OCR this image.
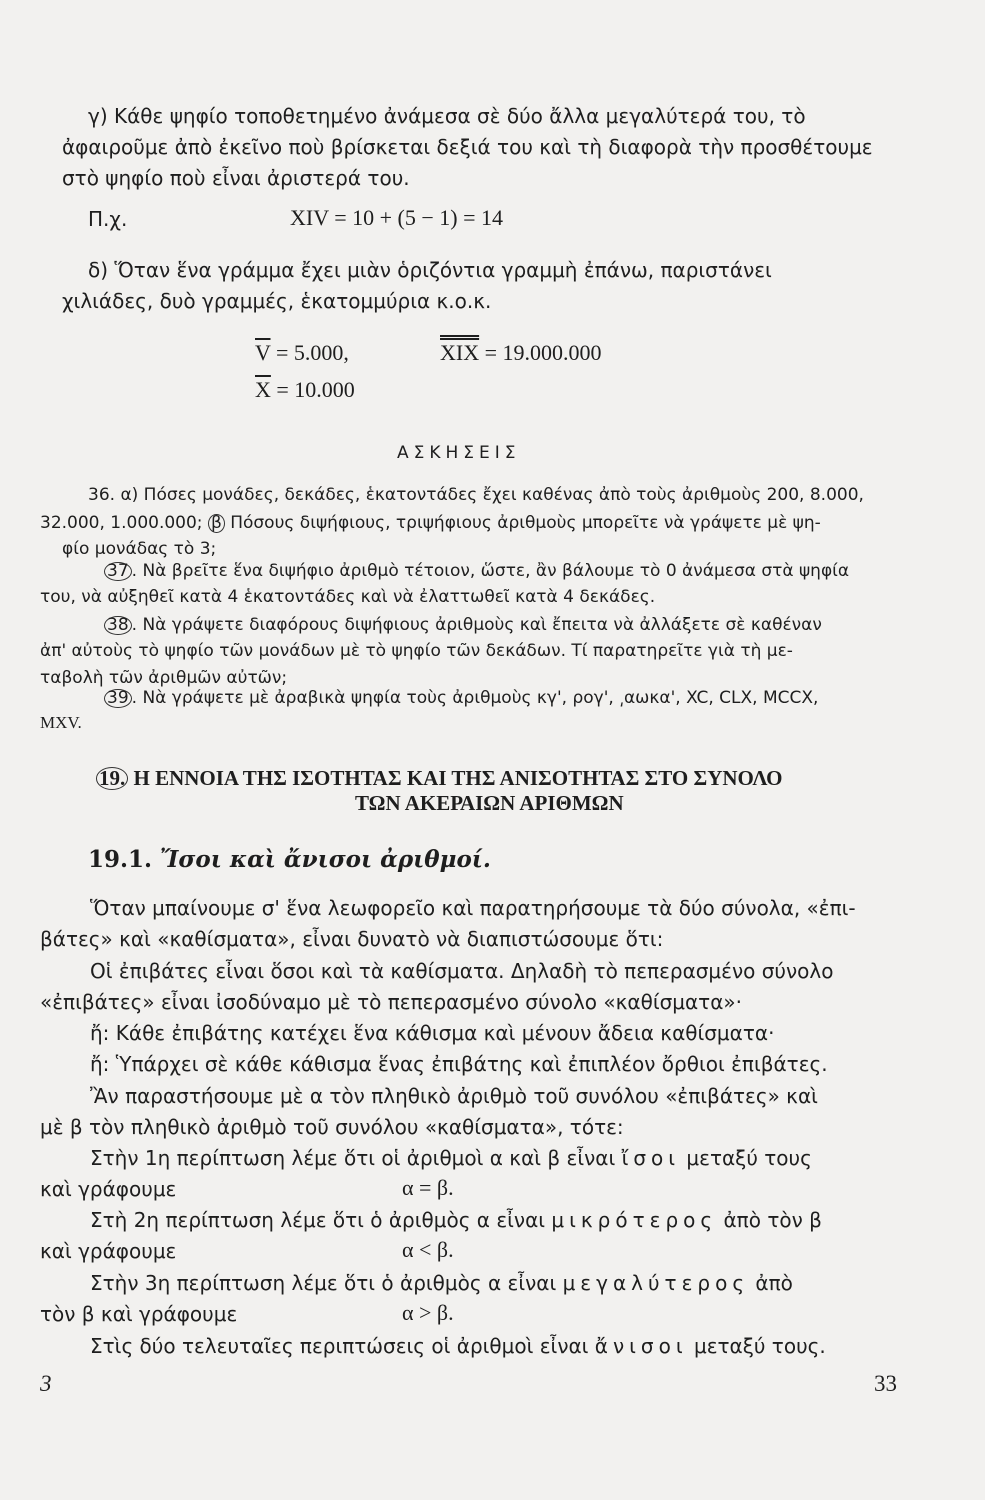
γ) Κάθε ψηφίο τοποθετημένο ἀνάμεσα σὲ δύο ἄλλα μεγαλύτερά του, τὸ
ἀφαιροῦμε ἀπὸ ἐκεῖνο ποὺ βρίσκεται δεξιά του καὶ τὴ διαφορὰ τὴν προσθέτουμε
στὸ ψηφίο ποὺ εἶναι ἀριστερά του.
Π.χ.	XIV = 10 + (5 − 1) = 14
δ) Ὅταν ἕνα γράμμα ἔχει μιὰν ὁριζόντια γραμμὴ ἐπάνω, παριστάνει
χιλιάδες, δυὸ γραμμές, ἑκατομμύρια κ.ο.κ.
$\overline{V} = 5.000$,	XIX = 19.000.000
$\overline{X} = 10.000$
ΑΣΚΗΣΕΙΣ
36. α) Πόσες μονάδες, δεκάδες, ἑκατοντάδες ἔχει καθένας ἀπὸ τοὺς ἀριθμοὺς 200, 8.000,
32.000, 1.000.000; β Πόσους διψήφιους, τριψήφιους ἀριθμοὺς μπορεῖτε νὰ γράψετε μὲ ψη-
φίο μονάδας τὸ 3;
37 . Νὰ βρεῖτε ἕνα διψήφιο ἀριθμὸ τέτοιον, ὥστε, ἂν βάλουμε τὸ 0 ἀνάμεσα στὰ ψηφία
του, νὰ αὐξηθεῖ κατὰ 4 ἑκατοντάδες καὶ νὰ ἐλαττωθεῖ κατὰ 4 δεκάδες.
38 . Νὰ γράψετε διαφόρους διψήφιους ἀριθμοὺς καὶ ἔπειτα νὰ ἀλλάξετε σὲ καθέναν
ἀπ' αὐτοὺς τὸ ψηφίο τῶν μονάδων μὲ τὸ ψηφίο τῶν δεκάδων. Τί παρατηρεῖτε γιὰ τὴ με-
ταβολὴ τῶν ἀριθμῶν αὐτῶν;
39 . Νὰ γράψετε μὲ ἀραβικὰ ψηφία τοὺς ἀριθμοὺς κγ', ρογ', ͵αωκα', XC, CLX, MCCX,
MXV.
19. Η ΕΝΝΟΙΑ ΤΗΣ ΙΣΟΤΗΤΑΣ ΚΑΙ ΤΗΣ ΑΝΙΣΟΤΗΤΑΣ ΣΤΟ ΣΥΝΟΛΟ
ΤΩΝ ΑΚΕΡΑΙΩΝ ΑΡΙΘΜΩΝ
19.1. Ἴσοι καὶ ἄνισοι ἀριθμοί.
Ὅταν μπαίνουμε σ' ἕνα λεωφορεῖο καὶ παρατηρήσουμε τὰ δύο σύνολα, «ἐπι-
βάτες» καὶ «καθίσματα», εἶναι δυνατὸ νὰ διαπιστώσουμε ὅτι:
Οἱ ἐπιβάτες εἶναι ὅσοι καὶ τὰ καθίσματα. Δηλαδὴ τὸ πεπερασμένο σύνολο
«ἐπιβάτες» εἶναι ἰσοδύναμο μὲ τὸ πεπερασμένο σύνολο «καθίσματα»·
ἤ: Κάθε ἐπιβάτης κατέχει ἕνα κάθισμα καὶ μένουν ἄδεια καθίσματα·
ἤ: Ὑπάρχει σὲ κάθε κάθισμα ἕνας ἐπιβάτης καὶ ἐπιπλέον ὄρθιοι ἐπιβάτες.
Ἂν παραστήσουμε μὲ α τὸν πληθικὸ ἀριθμὸ τοῦ συνόλου «ἐπιβάτες» καὶ
μὲ β τὸν πληθικὸ ἀριθμὸ τοῦ συνόλου «καθίσματα», τότε:
Στὴν 1η περίπτωση λέμε ὅτι οἱ ἀριθμοὶ α καὶ β εἶναι ἴσοι μεταξύ τους
καὶ γράφουμε	α = β.
Στὴ 2η περίπτωση λέμε ὅτι ὁ ἀριθμὸς α εἶναι μικρότερος ἀπὸ τὸν β
καὶ γράφουμε	α < β.
Στὴν 3η περίπτωση λέμε ὅτι ὁ ἀριθμὸς α εἶναι μεγαλύτερος ἀπὸ
τὸν β καὶ γράφουμε	α > β.
Στὶς δύο τελευταῖες περιπτώσεις οἱ ἀριθμοὶ εἶναι ἄνισοι μεταξύ τους.
3	33
